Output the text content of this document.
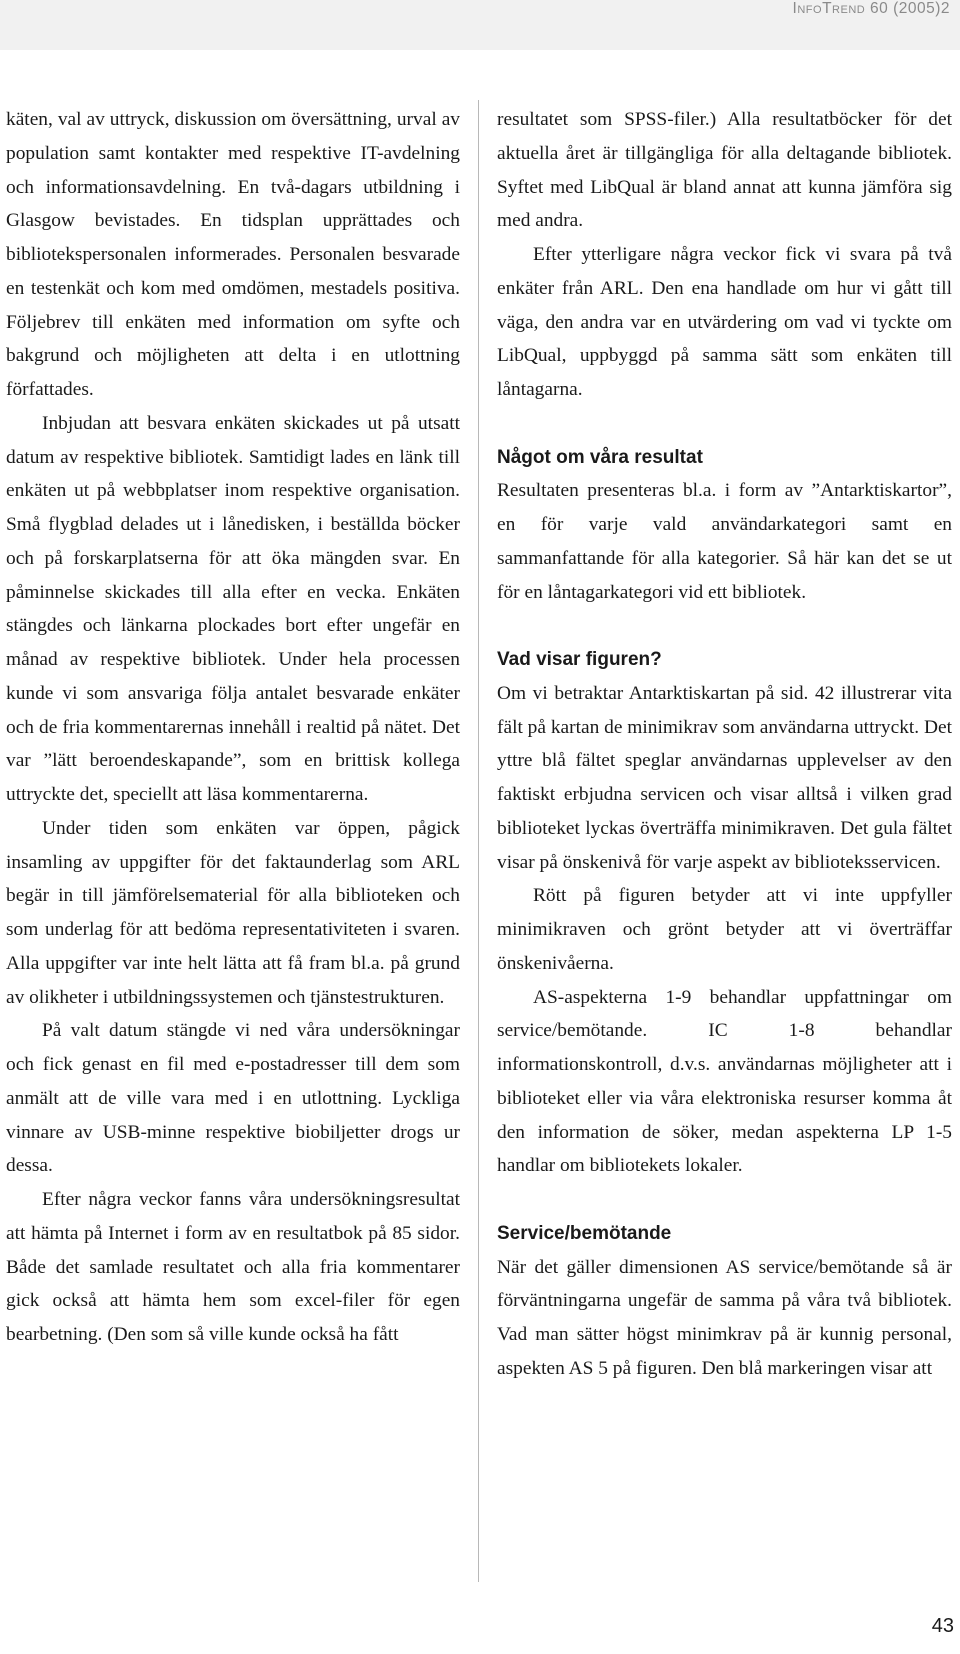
InfoTrend 60 (2005)2

käten, val av uttryck, diskussion om översättning, urval av population samt kontakter med respektive IT-avdelning och informationsavdelning. En två-dagars utbildning i Glasgow bevistades. En tidsplan upprättades och bibliotekspersonalen informerades. Personalen besvarade en testenkät och kom med omdömen, mestadels positiva. Följebrev till enkäten med information om syfte och bakgrund och möjligheten att delta i en utlottning författades.

Inbjudan att besvara enkäten skickades ut på utsatt datum av respektive bibliotek. Samtidigt lades en länk till enkäten ut på webbplatser inom respektive organisation. Små flygblad delades ut i lånedisken, i beställda böcker och på forskarplatserna för att öka mängden svar. En påminnelse skickades till alla efter en vecka. Enkäten stängdes och länkarna plockades bort efter ungefär en månad av respektive bibliotek. Under hela processen kunde vi som ansvariga följa antalet besvarade enkäter och de fria kommentarernas innehåll i realtid på nätet. Det var ”lätt beroendeskapande”, som en brittisk kollega uttryckte det, speciellt att läsa kommentarerna.

Under tiden som enkäten var öppen, pågick insamling av uppgifter för det faktaunderlag som ARL begär in till jämförelsematerial för alla biblioteken och som underlag för att bedöma representativiteten i svaren. Alla uppgifter var inte helt lätta att få fram bl.a. på grund av olikheter i utbildningssystemen och tjänstestrukturen.

På valt datum stängde vi ned våra undersökningar och fick genast en fil med e-postadresser till dem som anmält att de ville vara med i en utlottning. Lyckliga vinnare av USB-minne respektive biobiljetter drogs ur dessa.

Efter några veckor fanns våra undersökningsresultat att hämta på Internet i form av en resultatbok på 85 sidor. Både det samlade resultatet och alla fria kommentarer gick också att hämta hem som excel-filer för egen bearbetning. (Den som så ville kunde också ha fått

resultatet som SPSS-filer.) Alla resultatböcker för det aktuella året är tillgängliga för alla deltagande bibliotek. Syftet med LibQual är bland annat att kunna jämföra sig med andra.

Efter ytterligare några veckor fick vi svara på två enkäter från ARL. Den ena handlade om hur vi gått till väga, den andra var en utvärdering om vad vi tyckte om LibQual, uppbyggd på samma sätt som enkäten till låntagarna.

Något om våra resultat

Resultaten presenteras bl.a. i form av ”Antarktiskartor”, en för varje vald användarkategori samt en sammanfattande för alla kategorier. Så här kan det se ut för en låntagarkategori vid ett bibliotek.

Vad visar figuren?

Om vi betraktar Antarktiskartan på sid. 42 illustrerar vita fält på kartan de minimikrav som användarna uttryckt. Det yttre blå fältet speglar användarnas upplevelser av den faktiskt erbjudna servicen och visar alltså i vilken grad biblioteket lyckas överträffa minimikraven. Det gula fältet visar på önskenivå för varje aspekt av biblioteksservicen.

Rött på figuren betyder att vi inte uppfyller minimikraven och grönt betyder att vi överträffar önskenivåerna.

AS-aspekterna 1-9 behandlar uppfattningar om service/bemötande. IC 1-8 behandlar informationskontroll, d.v.s. användarnas möjligheter att i biblioteket eller via våra elektroniska resurser komma åt den information de söker, medan aspekterna LP 1-5 handlar om bibliotekets lokaler.

Service/bemötande

När det gäller dimensionen AS service/bemötande så är förväntningarna ungefär de samma på våra två bibliotek. Vad man sätter högst minimkrav på är kunnig personal, aspekten AS 5 på figuren. Den blå markeringen visar att

43
